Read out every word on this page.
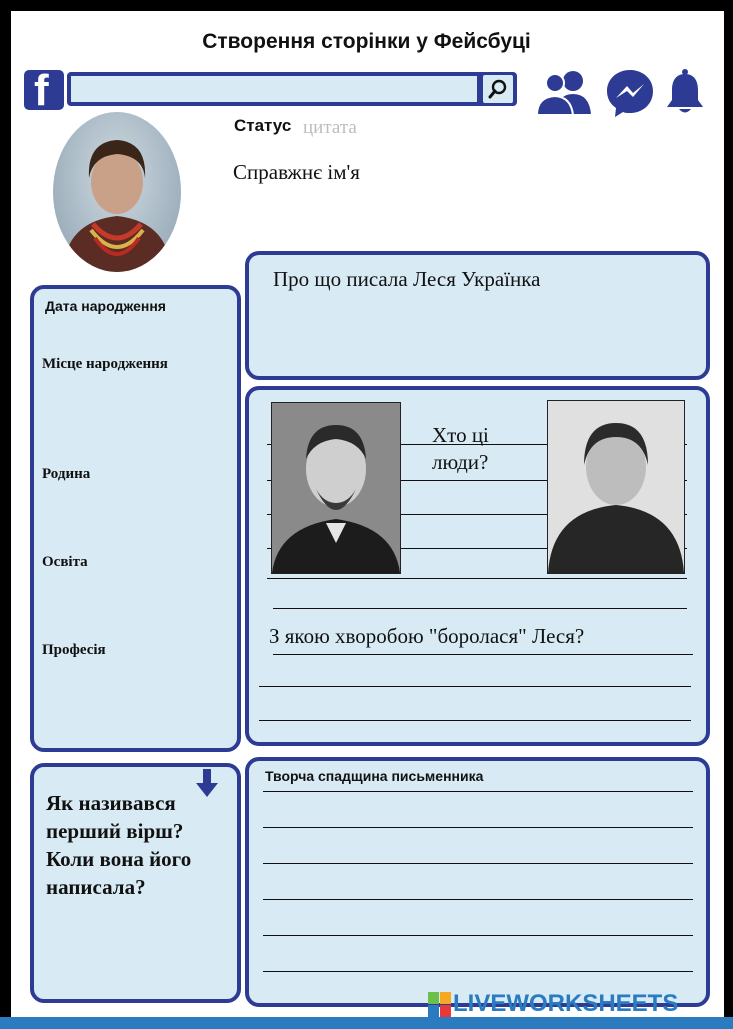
Створення сторінки у Фейсбуці
f
Статус цитата
Справжнє ім'я
Про що писала Леся Українка
Дата народження
Місце народження
Родина
Освіта
Професія
Хто ці люди?
З якою хворобою "боролася" Леся?
Як називався перший вірш? Коли вона його написала?
Творча спадщина письменника
LIVEWORKSHEETS
